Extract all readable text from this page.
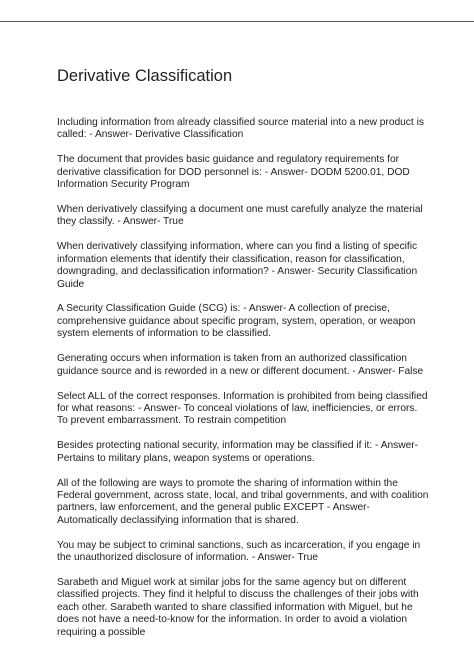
Derivative Classification

Including information from already classified source material into a new product is called: - Answer- Derivative Classification

The document that provides basic guidance and regulatory requirements for derivative classification for DOD personnel is: - Answer- DODM 5200.01, DOD Information Security Program

When derivatively classifying a document one must carefully analyze the material they classify. - Answer- True

When derivatively classifying information, where can you find a listing of specific information elements that identify their classification, reason for classification, downgrading, and declassification information? - Answer- Security Classification Guide

A Security Classification Guide (SCG) is: - Answer- A collection of precise, comprehensive guidance about specific program, system, operation, or weapon system elements of information to be classified.

Generating occurs when information is taken from an authorized classification guidance source and is reworded in a new or different document. - Answer- False

Select ALL of the correct responses. Information is prohibited from being classified for what reasons: - Answer- To conceal violations of law, inefficiencies, or errors. To prevent embarrassment. To restrain competition

Besides protecting national security, information may be classified if it: - Answer- Pertains to military plans, weapon systems or operations.

All of the following are ways to promote the sharing of information within the Federal government, across state, local, and tribal governments, and with coalition partners, law enforcement, and the general public EXCEPT - Answer- Automatically declassifying information that is shared.

You may be subject to criminal sanctions, such as incarceration, if you engage in the unauthorized disclosure of information. - Answer- True

Sarabeth and Miguel work at similar jobs for the same agency but on different classified projects. They find it helpful to discuss the challenges of their jobs with each other. Sarabeth wanted to share classified information with Miguel, but he does not have a need-to-know for the information. In order to avoid a violation requiring a possible
